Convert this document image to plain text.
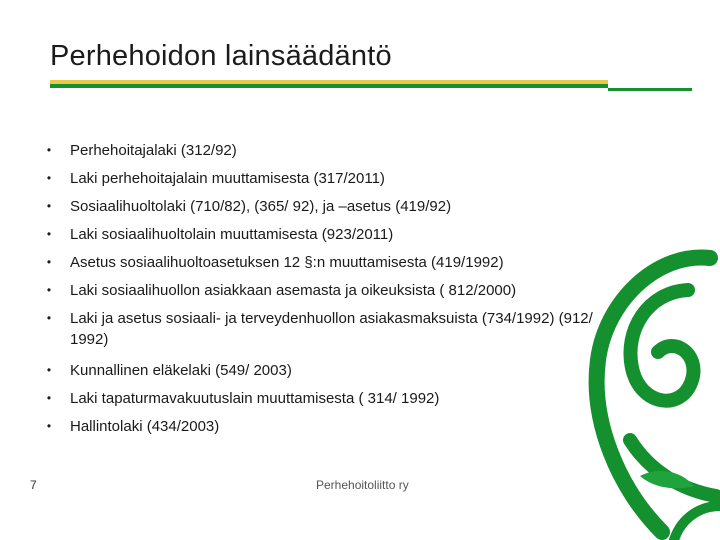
Perhehoidon lainsäädäntö
•	Perhehoitajalaki (312/92)
•	Laki perhehoitajalain muuttamisesta (317/2011)
•	Sosiaalihuoltolaki (710/82), (365/ 92), ja –asetus (419/92)
•	Laki sosiaalihuoltolain muuttamisesta (923/2011)
•	Asetus sosiaalihuoltoasetuksen 12 §:n muuttamisesta (419/1992)
•	Laki sosiaalihuollon asiakkaan asemasta ja oikeuksista ( 812/2000)
•	Laki ja asetus sosiaali- ja terveydenhuollon asiakasmaksuista (734/1992) (912/ 1992)
•	Kunnallinen eläkelaki (549/ 2003)
•	Laki tapaturmavakuutuslain muuttamisesta ( 314/ 1992)
•	Hallintolaki (434/2003)
7	Perhehoitoliitto ry
